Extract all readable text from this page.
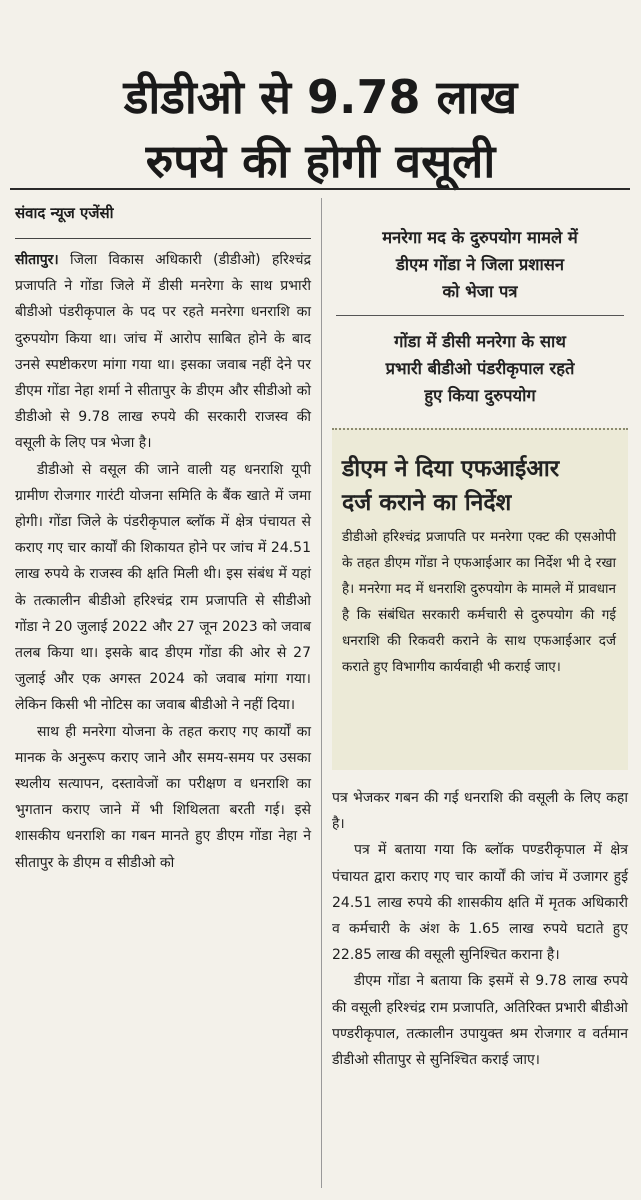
डीडीओ से 9.78 लाख
रुपये की होगी वसूली
संवाद न्यूज एजेंसी

सीतापुर। जिला विकास अधिकारी (डीडीओ) हरिश्चंद्र प्रजापति ने गोंडा जिले में डीसी मनरेगा के साथ प्रभारी बीडीओ पंडरीकृपाल के पद पर रहते मनरेगा धनराशि का दुरुपयोग किया था। जांच में आरोप साबित होने के बाद उनसे स्पष्टीकरण मांगा गया था। इसका जवाब नहीं देने पर डीएम गोंडा नेहा शर्मा ने सीतापुर के डीएम और सीडीओ को डीडीओ से 9.78 लाख रुपये की सरकारी राजस्व की वसूली के लिए पत्र भेजा है।

डीडीओ से वसूल की जाने वाली यह धनराशि यूपी ग्रामीण रोजगार गारंटी योजना समिति के बैंक खाते में जमा होगी। गोंडा जिले के पंडरीकृपाल ब्लॉक में क्षेत्र पंचायत से कराए गए चार कार्यों की शिकायत होने पर जांच में 24.51 लाख रुपये के राजस्व की क्षति मिली थी। इस संबंध में यहां के तत्कालीन बीडीओ हरिश्चंद्र राम प्रजापति से सीडीओ गोंडा ने 20 जुलाई 2022 और 27 जून 2023 को जवाब तलब किया था। इसके बाद डीएम गोंडा की ओर से 27 जुलाई और एक अगस्त 2024 को जवाब मांगा गया। लेकिन किसी भी नोटिस का जवाब बीडीओ ने नहीं दिया।

साथ ही मनरेगा योजना के तहत कराए गए कार्यों का मानक के अनुरूप कराए जाने और समय-समय पर उसका स्थलीय सत्यापन, दस्तावेजों का परीक्षण व धनराशि का भुगतान कराए जाने में भी शिथिलता बरती गई। इसे शासकीय धनराशि का गबन मानते हुए डीएम गोंडा नेहा ने सीतापुर के डीएम व सीडीओ को

मनरेगा मद के दुरुपयोग मामले में
डीएम गोंडा ने जिला प्रशासन
को भेजा पत्र
गोंडा में डीसी मनरेगा के साथ
प्रभारी बीडीओ पंडरीकृपाल रहते
हुए किया दुरुपयोग
डीएम ने दिया एफआईआर
दर्ज कराने का निर्देश

डीडीओ हरिश्चंद्र प्रजापति पर मनरेगा एक्ट की एसओपी के तहत डीएम गोंडा ने एफआईआर का निर्देश भी दे रखा है। मनरेगा मद में धनराशि दुरुपयोग के मामले में प्रावधान है कि संबंधित सरकारी कर्मचारी से दुरुपयोग की गई धनराशि की रिकवरी कराने के साथ एफआईआर दर्ज कराते हुए विभागीय कार्यवाही भी कराई जाए।

पत्र भेजकर गबन की गई धनराशि की वसूली के लिए कहा है।

पत्र में बताया गया कि ब्लॉक पण्डरीकृपाल में क्षेत्र पंचायत द्वारा कराए गए चार कार्यों की जांच में उजागर हुई 24.51 लाख रुपये की शासकीय क्षति में मृतक अधिकारी व कर्मचारी के अंश के 1.65 लाख रुपये घटाते हुए 22.85 लाख की वसूली सुनिश्चित कराना है।

डीएम गोंडा ने बताया कि इसमें से 9.78 लाख रुपये की वसूली हरिश्चंद्र राम प्रजापति, अतिरिक्त प्रभारी बीडीओ पण्डरीकृपाल, तत्कालीन उपायुक्त श्रम रोजगार व वर्तमान डीडीओ सीतापुर से सुनिश्चित कराई जाए।
